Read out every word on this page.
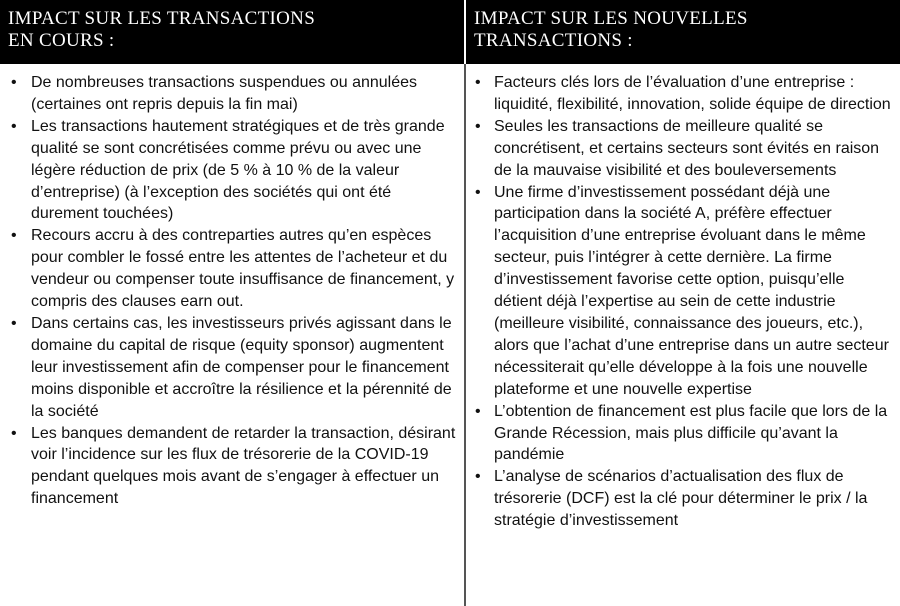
IMPACT SUR LES TRANSACTIONS
EN COURS :
• De nombreuses transactions suspendues ou annulées (certaines ont repris depuis la fin mai)
• Les transactions hautement stratégiques et de très grande qualité se sont concrétisées comme prévu ou avec une légère réduction de prix (de 5 % à 10 % de la valeur d’entreprise) (à l’exception des sociétés qui ont été durement touchées)
• Recours accru à des contreparties autres qu’en espèces pour combler le fossé entre les attentes de l’acheteur et du vendeur ou compenser toute insuffisance de financement, y compris des clauses earn out.
• Dans certains cas, les investisseurs privés agissant dans le domaine du capital de risque (equity sponsor) augmentent leur investissement afin de compenser pour le financement moins disponible et accroître la résilience et la pérennité de la société
• Les banques demandent de retarder la transaction, désirant voir l’incidence sur les flux de trésorerie de la COVID-19 pendant quelques mois avant de s’engager à effectuer un financement
IMPACT SUR LES NOUVELLES
TRANSACTIONS :
• Facteurs clés lors de l’évaluation d’une entreprise : liquidité, flexibilité, innovation, solide équipe de direction
• Seules les transactions de meilleure qualité se concrétisent, et certains secteurs sont évités en raison de la mauvaise visibilité et des bouleversements
• Une firme d’investissement possédant déjà une participation dans la société A, préfère effectuer l’acquisition d’une entreprise évoluant dans le même secteur, puis l’intégrer à cette dernière. La firme d’investissement favorise cette option, puisqu’elle détient déjà l’expertise au sein de cette industrie (meilleure visibilité, connaissance des joueurs, etc.), alors que l’achat d’une entreprise dans un autre secteur nécessiterait qu’elle développe à la fois une nouvelle plateforme et une nouvelle expertise
• L’obtention de financement est plus facile que lors de la Grande Récession, mais plus difficile qu’avant la pandémie
• L’analyse de scénarios d’actualisation des flux de trésorerie (DCF) est la clé pour déterminer le prix / la stratégie d’investissement
